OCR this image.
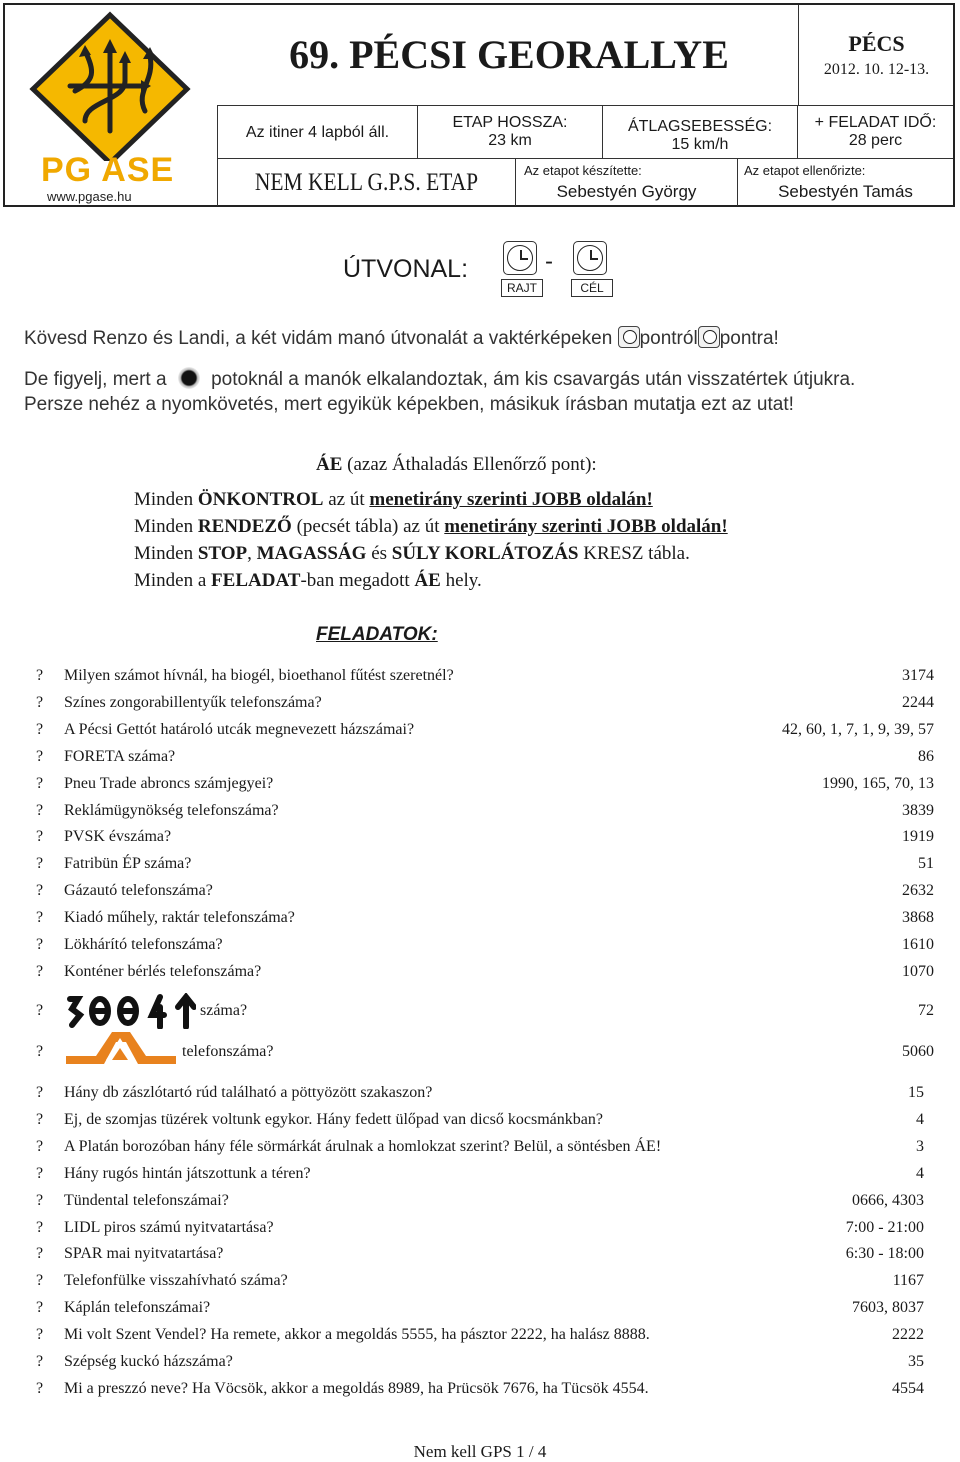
PG ASE
www.pgase.hu
69. PÉCSI GEORALLYE	PÉCS
2012. 10. 12-13.
Az itiner 4 lapból áll.
ETAP HOSSZA:
23 km
ÁTLAGSEBESSÉG:
15 km/h
+ FELADAT IDŐ:
28 perc
NEM KELL G.P.S. ETAP	Az etapot készítette:
Sebestyén György
Az etapot ellenőrizte:
Sebestyén Tamás
ÚTVONAL:	-
RAJT	CÉL
Kövesd Renzo és Landi, a két vidám manó útvonalát a vaktérképeken pontról pontra!
De figyelj, mert a potoknál a manók elkalandoztak, ám kis csavargás után visszatértek útjukra.
Persze nehéz a nyomkövetés, mert egyikük képekben, másikuk írásban mutatja ezt az utat!
ÁE (azaz Áthaladás Ellenőrző pont):
Minden ÖNKONTROL az út menetirány szerinti JOBB oldalán!
Minden RENDEZŐ (pecsét tábla) az út menetirány szerinti JOBB oldalán!
Minden STOP, MAGASSÁG és SÚLY KORLÁTOZÁS KRESZ tábla.
Minden a FELADAT-ban megadott ÁE hely.
FELADATOK:
? Milyen számot hívnál, ha biogél, bioethanol fűtést szeretnél?	3174
? Színes zongorabillentyűk telefonszáma?	2244
? A Pécsi Gettót határoló utcák megnevezett házszámai?	42, 60, 1, 7, 1, 9, 39, 57
? FORETA száma?	86
? Pneu Trade abroncs számjegyei?	1990, 165, 70, 13
? Reklámügynökség telefonszáma?	3839
? PVSK évszáma?	1919
? Fatribün ÉP száma?	51
? Gázautó telefonszáma?	2632
? Kiadó műhely, raktár telefonszáma?	3868
? Lökhárító telefonszáma?	1610
? Konténer bérlés telefonszáma?	1070
?	száma?	72
?	telefonszáma?	5060
? Hány db zászlótartó rúd található a pöttyözött szakaszon?	15
? Ej, de szomjas tüzérek voltunk egykor. Hány fedett ülőpad van dicső kocsmánkban?	4
? A Platán borozóban hány féle sörmárkát árulnak a homlokzat szerint? Belül, a söntésben ÁE!	3
? Hány rugós hintán játszottunk a téren?	4
? Tündental telefonszámai?	0666, 4303
? LIDL piros számú nyitvatartása?	7:00 - 21:00
? SPAR mai nyitvatartása?	6:30 - 18:00
? Telefonfülke visszahívható száma?	1167
? Káplán telefonszámai?	7603, 8037
? Mi volt Szent Vendel? Ha remete, akkor a megoldás 5555, ha pásztor 2222, ha halász 8888.	2222
? Szépség kuckó házszáma?	35
? Mi a preszzó neve? Ha Vöcsök, akkor a megoldás 8989, ha Prücsök 7676, ha Tücsök 4554.	4554
Nem kell GPS 1 / 4
